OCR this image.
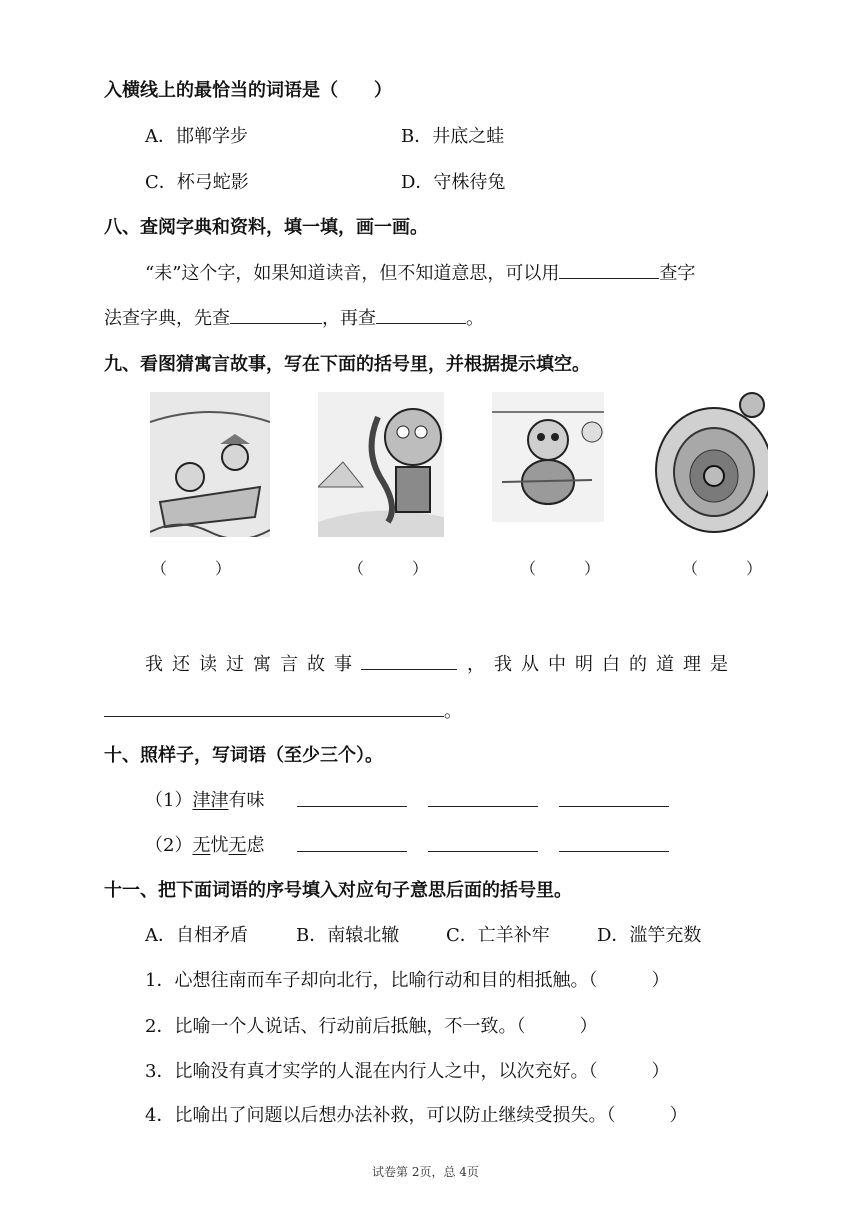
入横线上的最恰当的词语是（　　）
A．邯郸学步	B．井底之蛙
C．杯弓蛇影	D．守株待兔
八、查阅字典和资料，填一填，画一画。
“耒”这个字，如果知道读音，但不知道意思，可以用	查字
法查字典，先查	，再查	。
九、看图猜寓言故事，写在下面的括号里，并根据提示填空。
（　　　）	（　　　）	（　　　）	（　　　）
我还读过寓言故事	，我从中明白的道理是
。
十、照样子，写词语（至少三个）。
（1）津津有味
（2）无忧无虑
十一、把下面词语的序号填入对应句子意思后面的括号里。
A．自相矛盾	B．南辕北辙	C．亡羊补牢	D．滥竽充数
1．心想往南而车子却向北行，比喻行动和目的相抵触。（　　　）
2．比喻一个人说话、行动前后抵触，不一致。（　　　）
3．比喻没有真才实学的人混在内行人之中，以次充好。（　　　）
4．比喻出了问题以后想办法补救，可以防止继续受损失。（　　　）
试卷第 2页，总 4页
